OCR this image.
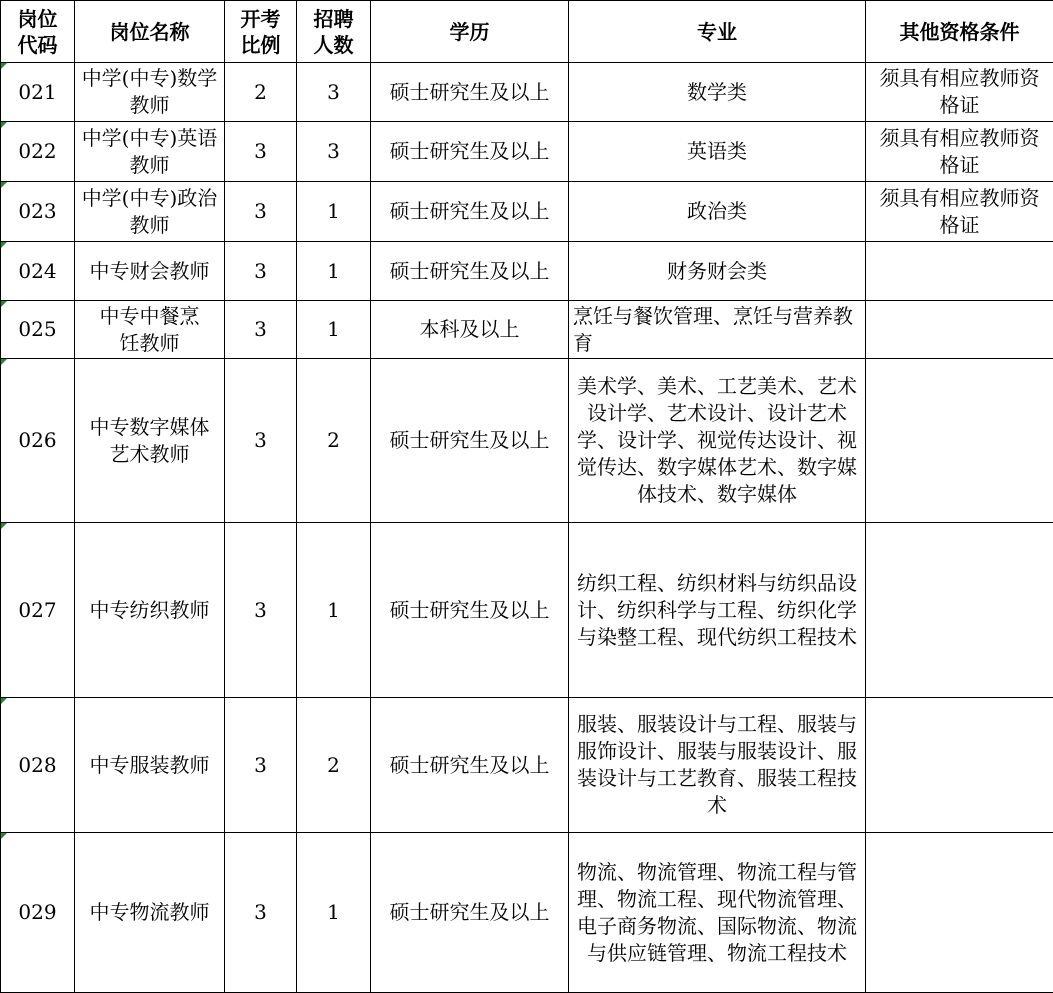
岗位代码	岗位名称	开考比例	招聘人数	学历	专业	其他资格条件
021	中学(中专)数学教师	2	3	硕士研究生及以上	数学类	须具有相应教师资格证
022	中学(中专)英语教师	3	3	硕士研究生及以上	英语类	须具有相应教师资格证
023	中学(中专)政治教师	3	1	硕士研究生及以上	政治类	须具有相应教师资格证
024	中专财会教师	3	1	硕士研究生及以上	财务财会类	
025	中专中餐烹饪教师	3	1	本科及以上	烹饪与餐饮管理、烹饪与营养教育	
026	中专数字媒体艺术教师	3	2	硕士研究生及以上	美术学、美术、工艺美术、艺术设计学、艺术设计、设计艺术学、设计学、视觉传达设计、视觉传达、数字媒体艺术、数字媒体技术、数字媒体	
027	中专纺织教师	3	1	硕士研究生及以上	纺织工程、纺织材料与纺织品设计、纺织科学与工程、纺织化学与染整工程、现代纺织工程技术	
028	中专服装教师	3	2	硕士研究生及以上	服装、服装设计与工程、服装与服饰设计、服装与服装设计、服装设计与工艺教育、服装工程技术	
029	中专物流教师	3	1	硕士研究生及以上	物流、物流管理、物流工程与管理、物流工程、现代物流管理、电子商务物流、国际物流、物流与供应链管理、物流工程技术	
